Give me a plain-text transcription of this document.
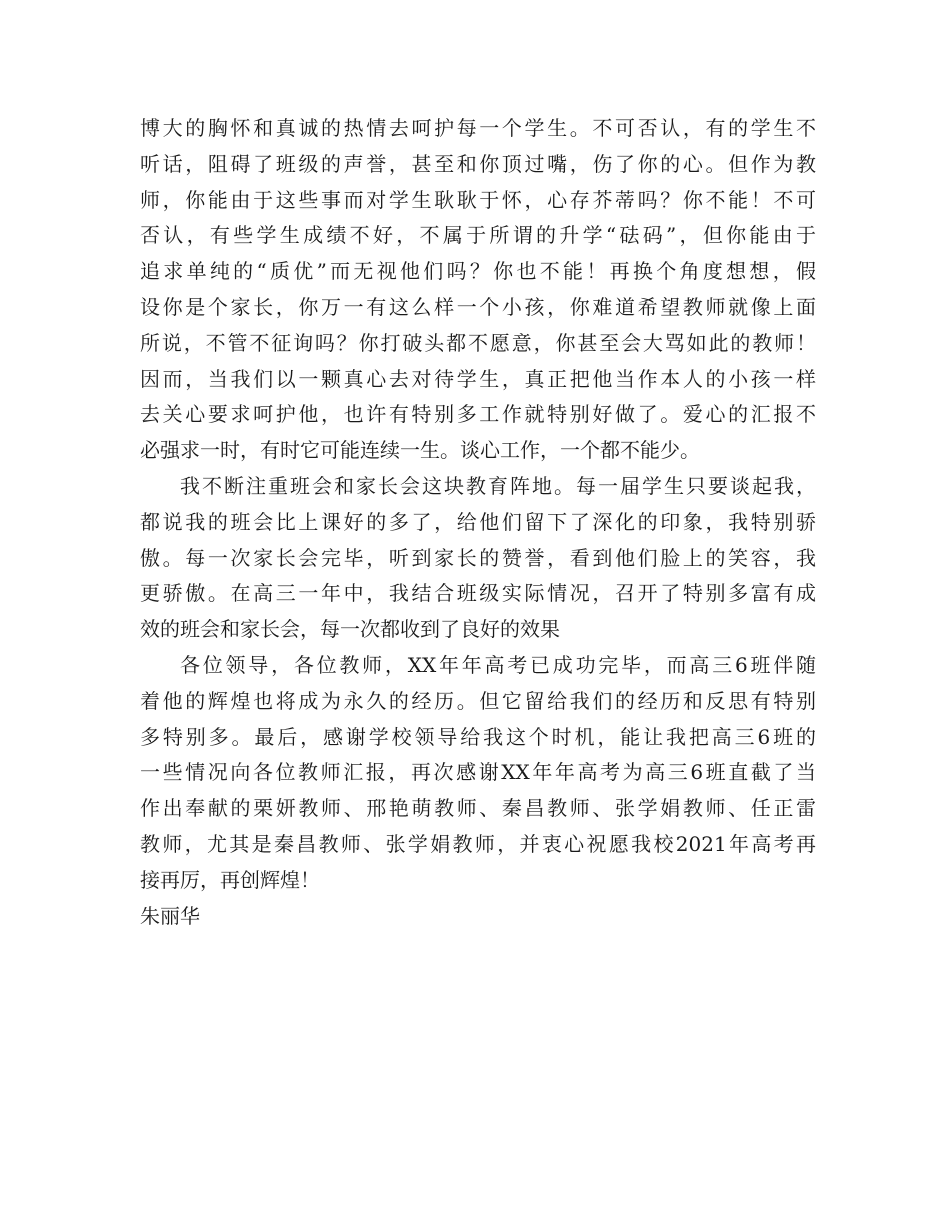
博大的胸怀和真诚的热情去呵护每一个学生。不可否认，有的学生不
听话，阻碍了班级的声誉，甚至和你顶过嘴，伤了你的心。但作为教
师，你能由于这些事而对学生耿耿于怀，心存芥蒂吗？你不能！不可
否认，有些学生成绩不好，不属于所谓的升学“砝码”，但你能由于
追求单纯的“质优”而无视他们吗？你也不能！再换个角度想想，假
设你是个家长，你万一有这么样一个小孩，你难道希望教师就像上面
所说，不管不征询吗？你打破头都不愿意，你甚至会大骂如此的教师！
因而，当我们以一颗真心去对待学生，真正把他当作本人的小孩一样
去关心要求呵护他，也许有特别多工作就特别好做了。爱心的汇报不
必强求一时，有时它可能连续一生。谈心工作，一个都不能少。
我不断注重班会和家长会这块教育阵地。每一届学生只要谈起我，
都说我的班会比上课好的多了，给他们留下了深化的印象，我特别骄
傲。每一次家长会完毕，听到家长的赞誉，看到他们脸上的笑容，我
更骄傲。在高三一年中，我结合班级实际情况，召开了特别多富有成
效的班会和家长会，每一次都收到了良好的效果
各位领导，各位教师，XX年年高考已成功完毕，而高三6班伴随
着他的辉煌也将成为永久的经历。但它留给我们的经历和反思有特别
多特别多。最后，感谢学校领导给我这个时机，能让我把高三6班的
一些情况向各位教师汇报，再次感谢XX年年高考为高三6班直截了当
作出奉献的栗妍教师、邢艳萌教师、秦昌教师、张学娟教师、任正雷
教师，尤其是秦昌教师、张学娟教师，并衷心祝愿我校2021年高考再
接再厉，再创辉煌！
朱丽华
